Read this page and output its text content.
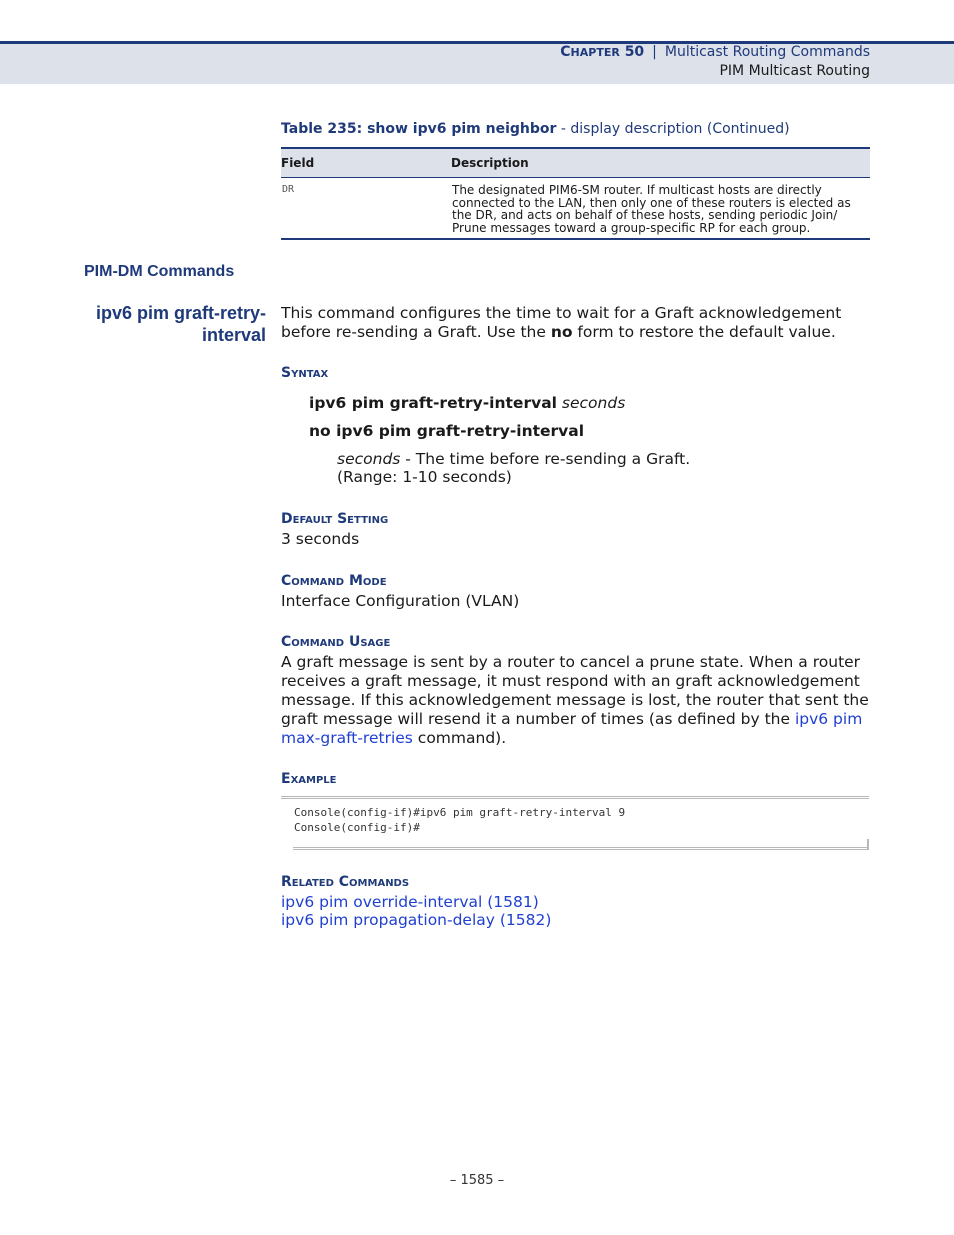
CHAPTER 50 | Multicast Routing Commands
PIM Multicast Routing
Table 235: show ipv6 pim neighbor - display description (Continued)
Field	Description
DR	The designated PIM6-SM router. If multicast hosts are directly connected to the LAN, then only one of these routers is elected as the DR, and acts on behalf of these hosts, sending periodic Join/ Prune messages toward a group-specific RP for each group.
PIM-DM Commands
ipv6 pim graft-retry-
interval
This command configures the time to wait for a Graft acknowledgement before re-sending a Graft. Use the no form to restore the default value.
Syntax
ipv6 pim graft-retry-interval seconds
no ipv6 pim graft-retry-interval
seconds - The time before re-sending a Graft.
(Range: 1-10 seconds)
Default Setting
3 seconds
Command Mode
Interface Configuration (VLAN)
Command Usage
A graft message is sent by a router to cancel a prune state. When a router receives a graft message, it must respond with an graft acknowledgement message. If this acknowledgement message is lost, the router that sent the graft message will resend it a number of times (as defined by the ipv6 pim max-graft-retries command).
Example
Console(config-if)#ipv6 pim graft-retry-interval 9
Console(config-if)#
Related Commands
ipv6 pim override-interval (1581)
ipv6 pim propagation-delay (1582)
– 1585 –
